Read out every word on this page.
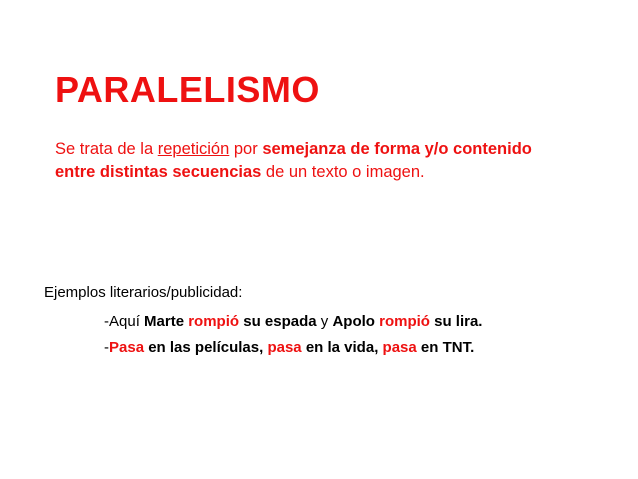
PARALELISMO
Se trata de la repetición por semejanza de forma y/o contenido entre distintas secuencias de un texto o imagen.
Ejemplos literarios/publicidad:
-Aquí Marte rompió su espada y Apolo rompió su lira.
-Pasa en las películas, pasa en la vida, pasa en TNT.
